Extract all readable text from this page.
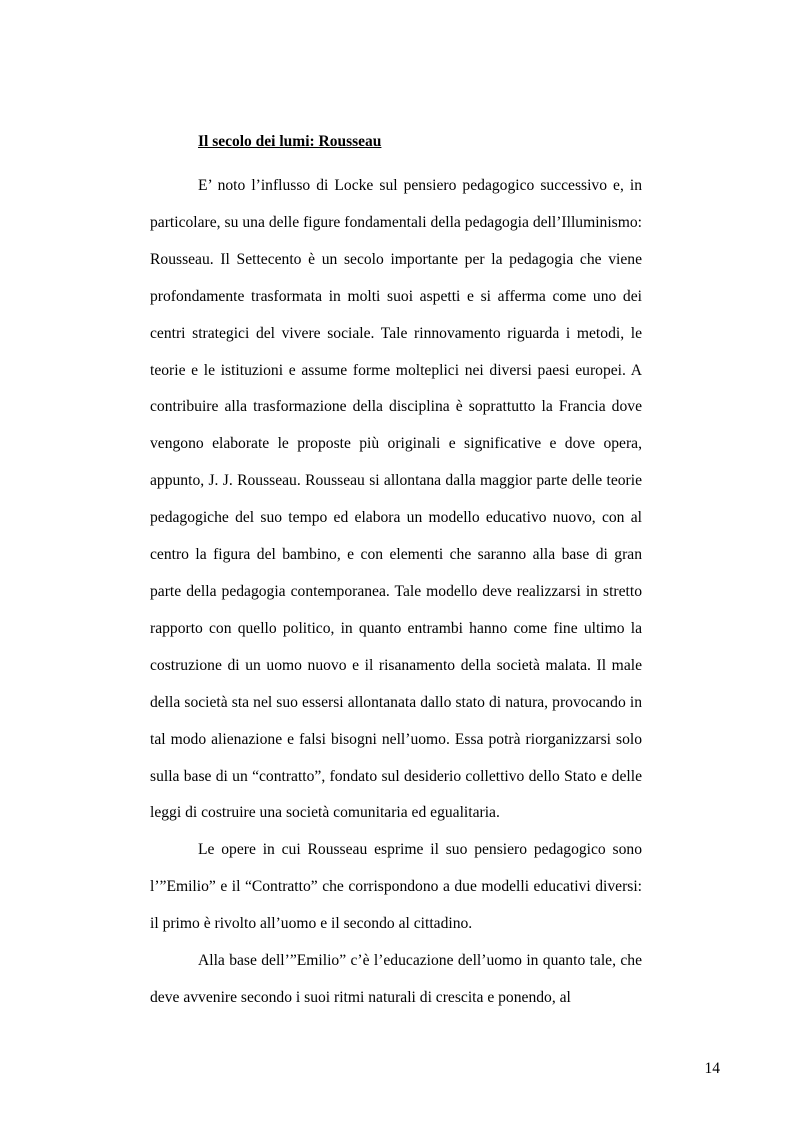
Il secolo dei lumi: Rousseau

E’ noto l’influsso di Locke sul pensiero pedagogico successivo e, in particolare, su una delle figure fondamentali della pedagogia dell’Illuminismo: Rousseau. Il Settecento è un secolo importante per la pedagogia che viene profondamente trasformata in molti suoi aspetti e si afferma come uno dei centri strategici del vivere sociale. Tale rinnovamento riguarda i metodi, le teorie e le istituzioni e assume forme molteplici nei diversi paesi europei. A contribuire alla trasformazione della disciplina è soprattutto la Francia dove vengono elaborate le proposte più originali e significative e dove opera, appunto, J. J. Rousseau. Rousseau si allontana dalla maggior parte delle teorie pedagogiche del suo tempo ed elabora un modello educativo nuovo, con al centro la figura del bambino, e con elementi che saranno alla base di gran parte della pedagogia contemporanea. Tale modello deve realizzarsi in stretto rapporto con quello politico, in quanto entrambi hanno come fine ultimo la costruzione di un uomo nuovo e il risanamento della società malata. Il male della società sta nel suo essersi allontanata dallo stato di natura, provocando in tal modo alienazione e falsi bisogni nell’uomo. Essa potrà riorganizzarsi solo sulla base di un “contratto”, fondato sul desiderio collettivo dello Stato e delle leggi di costruire una società comunitaria ed egualitaria.

Le opere in cui Rousseau esprime il suo pensiero pedagogico sono l’”Emilio” e il “Contratto” che corrispondono a due modelli educativi diversi: il primo è rivolto all’uomo e il secondo al cittadino.

Alla base dell’”Emilio” c’è l’educazione dell’uomo in quanto tale, che deve avvenire secondo i suoi ritmi naturali di crescita e ponendo, al

14
